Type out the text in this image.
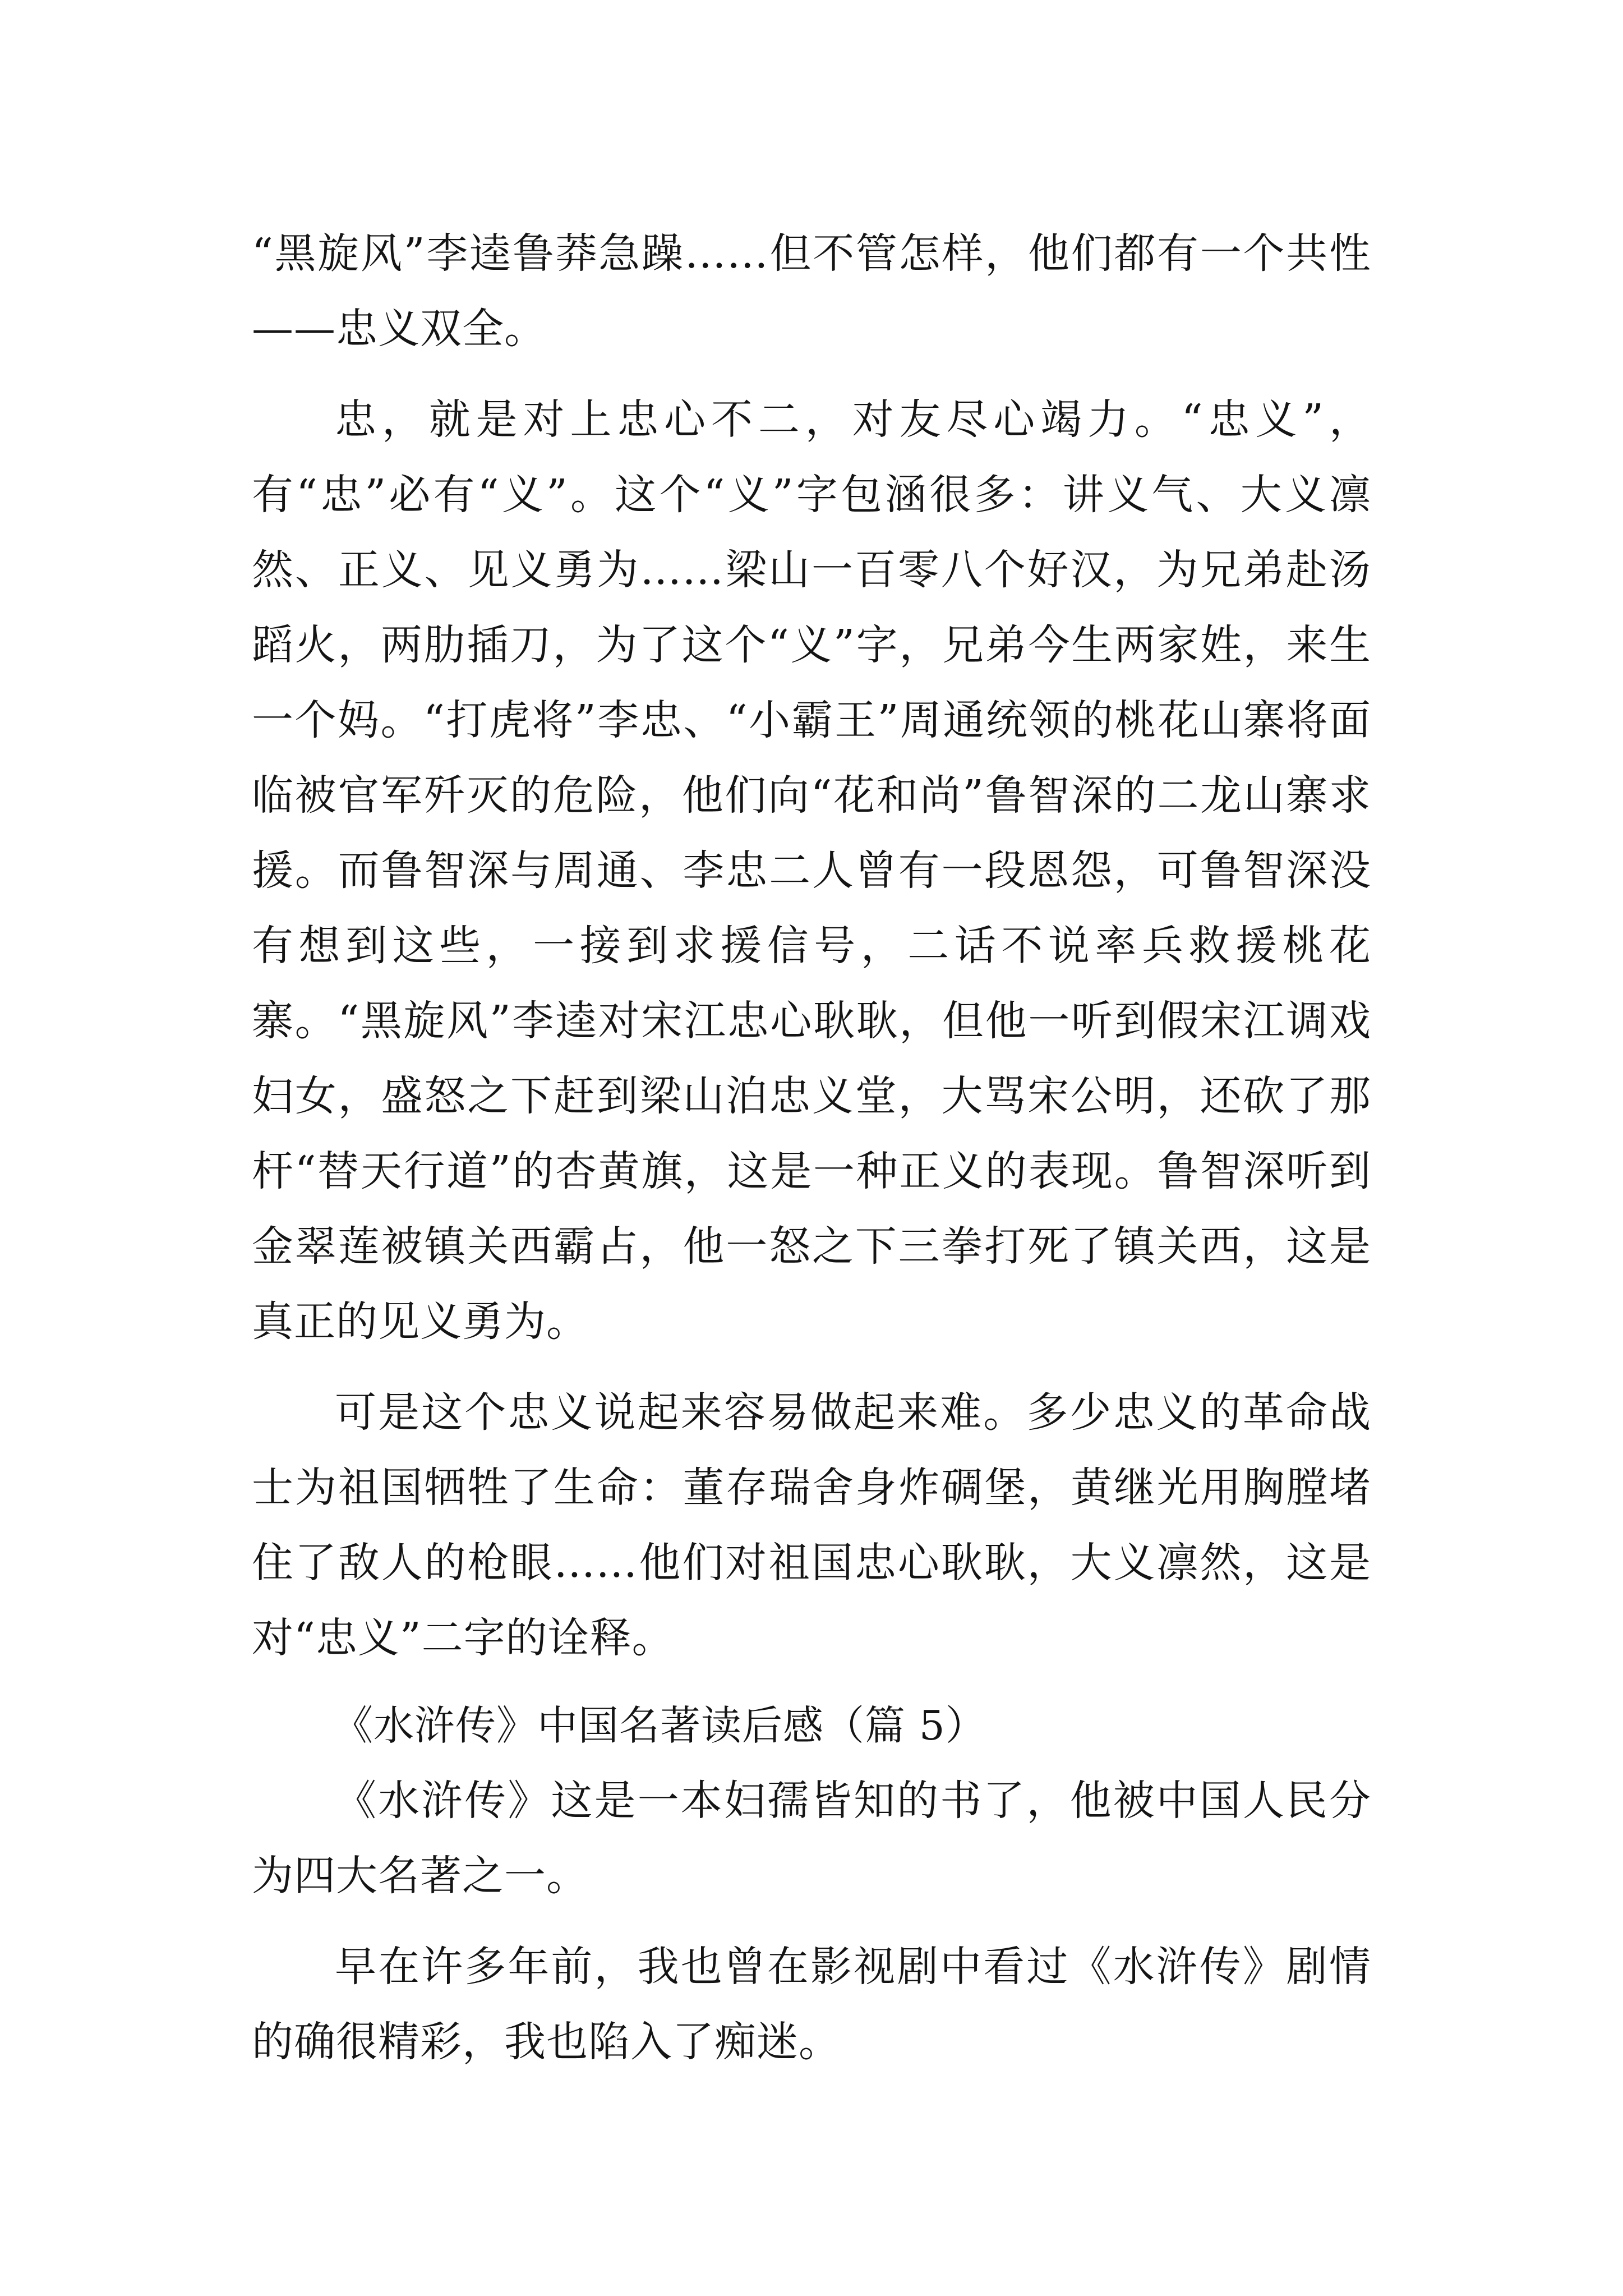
“黑旋风”李逵鲁莽急躁……但不管怎样，他们都有一个共性——忠义双全。

忠，就是对上忠心不二，对友尽心竭力。“忠义”，有“忠”必有“义”。这个“义”字包涵很多：讲义气、大义凛然、正义、见义勇为……梁山一百零八个好汉，为兄弟赴汤蹈火，两肋插刀，为了这个“义”字，兄弟今生两家姓，来生一个妈。“打虎将”李忠、“小霸王”周通统领的桃花山寨将面临被官军歼灭的危险，他们向“花和尚”鲁智深的二龙山寨求援。而鲁智深与周通、李忠二人曾有一段恩怨，可鲁智深没有想到这些，一接到求援信号，二话不说率兵救援桃花寨。“黑旋风”李逵对宋江忠心耿耿，但他一听到假宋江调戏妇女，盛怒之下赶到梁山泊忠义堂，大骂宋公明，还砍了那杆“替天行道”的杏黄旗，这是一种正义的表现。鲁智深听到金翠莲被镇关西霸占，他一怒之下三拳打死了镇关西，这是真正的见义勇为。

可是这个忠义说起来容易做起来难。多少忠义的革命战士为祖国牺牲了生命：董存瑞舍身炸碉堡，黄继光用胸膛堵住了敌人的枪眼……他们对祖国忠心耿耿，大义凛然，这是对“忠义”二字的诠释。

《水浒传》中国名著读后感（篇 5）

《水浒传》这是一本妇孺皆知的书了，他被中国人民分为四大名著之一。

早在许多年前，我也曾在影视剧中看过《水浒传》剧情的确很精彩，我也陷入了痴迷。
